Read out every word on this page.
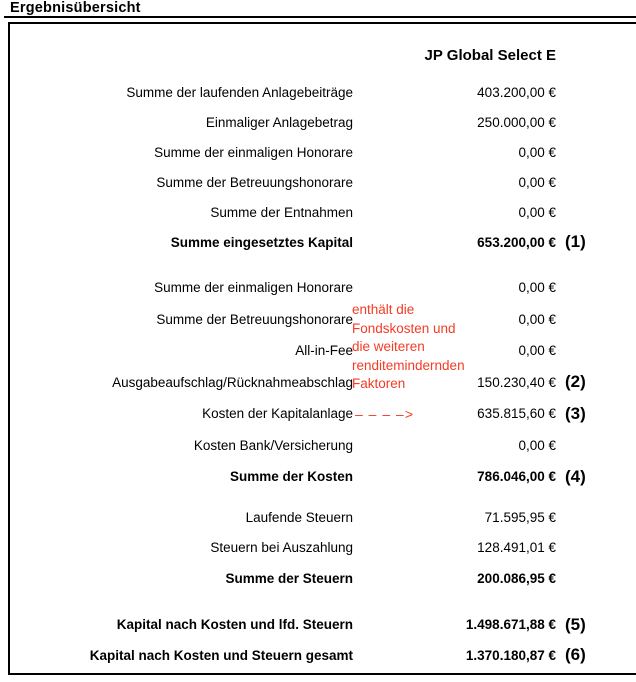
Ergebnisübersicht
JP Global Select E
Summe der laufenden Anlagebeiträge	403.200,00 €
Einmaliger Anlagebetrag	250.000,00 €
Summe der einmaligen Honorare	0,00 €
Summe der Betreuungshonorare	0,00 €
Summe der Entnahmen	0,00 €
Summe eingesetztes Kapital	653.200,00 € (1)
Summe der einmaligen Honorare	0,00 €
Summe der Betreuungshonorare	0,00 €
All-in-Fee	0,00 €
Ausgabeaufschlag/Rücknahmeabschlag	150.230,40 € (2)
Kosten der Kapitalanlage – – – –>	635.815,60 € (3)
Kosten Bank/Versicherung	0,00 €
Summe der Kosten	786.046,00 € (4)
Laufende Steuern	71.595,95 €
Steuern bei Auszahlung	128.491,01 €
Summe der Steuern	200.086,95 €
Kapital nach Kosten und lfd. Steuern	1.498.671,88 € (5)
Kapital nach Kosten und Steuern gesamt	1.370.180,87 € (6)
enthält die
Fondskosten und
die weiteren
renditemindernden
Faktoren
